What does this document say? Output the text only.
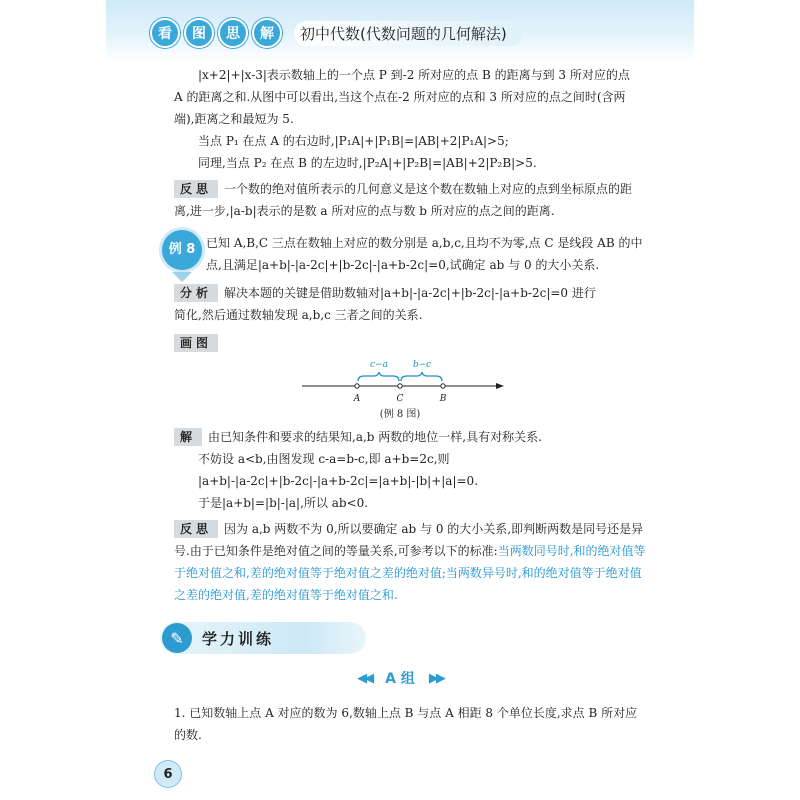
看	图	思	解	初中代数(代数问题的几何解法)
|x+2|+|x-3|表示数轴上的一个点 P 到-2 所对应的点 B 的距离与到 3 所对应的点
A 的距离之和.从图中可以看出,当这个点在-2 所对应的点和 3 所对应的点之间时(含两
端),距离之和最短为 5.
当点 P₁ 在点 A 的右边时,|P₁A|+|P₁B|=|AB|+2|P₁A|>5;
同理,当点 P₂ 在点 B 的左边时,|P₂A|+|P₂B|=|AB|+2|P₂B|>5.
反思 一个数的绝对值所表示的几何意义是这个数在数轴上对应的点到坐标原点的距
离,进一步,|a-b|表示的是数 a 所对应的点与数 b 所对应的点之间的距离.
例 8 已知 A,B,C 三点在数轴上对应的数分别是 a,b,c,且均不为零,点 C 是线段 AB 的中
点,且满足|a+b|-|a-2c|+|b-2c|-|a+b-2c|=0,试确定 ab 与 0 的大小关系.
分析 解决本题的关键是借助数轴对|a+b|-|a-2c|+|b-2c|-|a+b-2c|=0 进行
简化,然后通过数轴发现 a,b,c 三者之间的关系.
画图
c−a	b−c
A	C	B
(例 8 图)
解 由已知条件和要求的结果知,a,b 两数的地位一样,具有对称关系.
不妨设 a<b,由图发现 c-a=b-c,即 a+b=2c,则
|a+b|-|a-2c|+|b-2c|-|a+b-2c|=|a+b|-|b|+|a|=0.
于是|a+b|=|b|-|a|,所以 ab<0.
反思 因为 a,b 两数不为 0,所以要确定 ab 与 0 的大小关系,即判断两数是同号还是异
号.由于已知条件是绝对值之间的等量关系,可参考以下的标准:当两数同号时,和的绝对值等
于绝对值之和,差的绝对值等于绝对值之差的绝对值;当两数异号时,和的绝对值等于绝对值
之差的绝对值,差的绝对值等于绝对值之和.
✎	学力训练
◀◀ A 组 ▶▶
1. 已知数轴上点 A 对应的数为 6,数轴上点 B 与点 A 相距 8 个单位长度,求点 B 所对应
的数.
6
